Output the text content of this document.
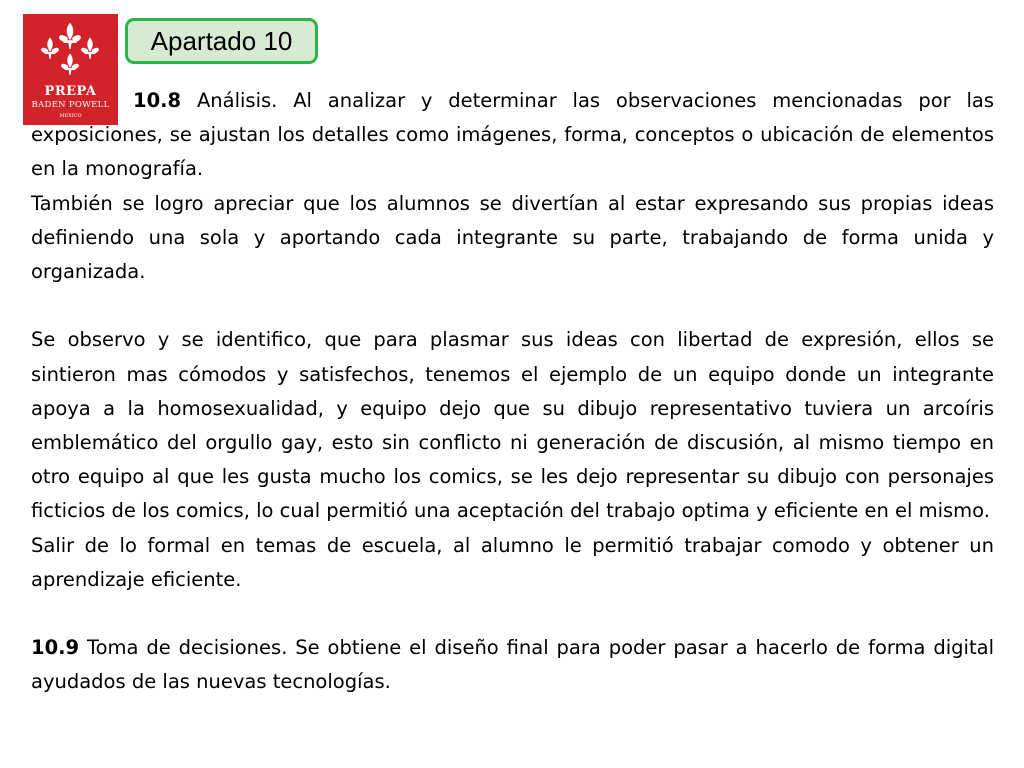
PREPA
BADEN POWELL
MEXICO
Apartado 10

10.8 Análisis. Al analizar y determinar las observaciones mencionadas por las exposiciones, se ajustan los detalles como imágenes, forma, conceptos o ubicación de elementos en la monografía.

También se logro apreciar que los alumnos se divertían al estar expresando sus propias ideas definiendo una sola y aportando cada integrante su parte, trabajando de forma unida y organizada.

Se observo y se identifico, que para plasmar sus ideas con libertad de expresión, ellos se sintieron mas cómodos y satisfechos, tenemos el ejemplo de un equipo donde un integrante apoya a la homosexualidad, y equipo dejo que su dibujo representativo tuviera un arcoíris emblemático del orgullo gay, esto sin conflicto ni generación de discusión, al mismo tiempo en otro equipo al que les gusta mucho los comics, se les dejo representar su dibujo con personajes ficticios de los comics, lo cual permitió una aceptación del trabajo optima y eficiente en el mismo.

Salir de lo formal en temas de escuela, al alumno le permitió trabajar comodo y obtener un aprendizaje eficiente.

10.9 Toma de decisiones. Se obtiene el diseño final para poder pasar a hacerlo de forma digital ayudados de las nuevas tecnologías.
